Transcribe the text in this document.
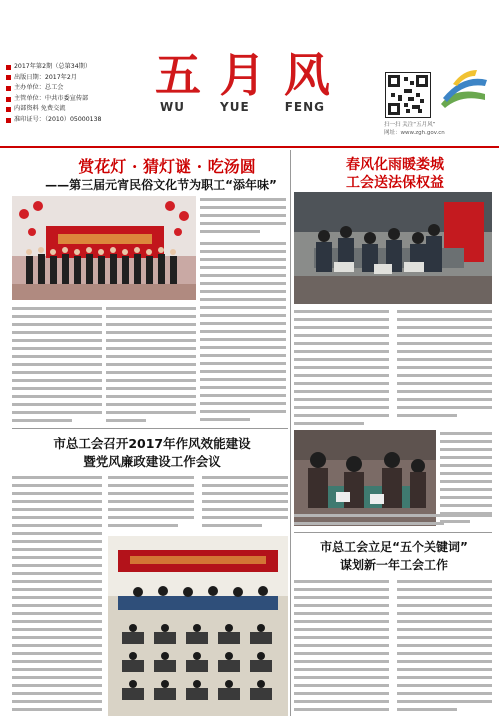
2017年第2期（总第34期）
出版日期：2017年2月
主办单位：总工会
主管单位：中共市委宣传部
内部资料 免费交流
准印证号：（2010）05000138
五 月 风
WU	YUE	FENG
扫一扫 关注“五月风”
网址：www.zgh.gov.cn
赏花灯 · 猜灯谜 · 吃汤圆
——第三届元宵民俗文化节为职工“添年味”
市总工会召开2017年作风效能建设
暨党风廉政建设工作会议
春风化雨暖娄城
工会送法保权益
市总工会立足“五个关键词”
谋划新一年工会工作
